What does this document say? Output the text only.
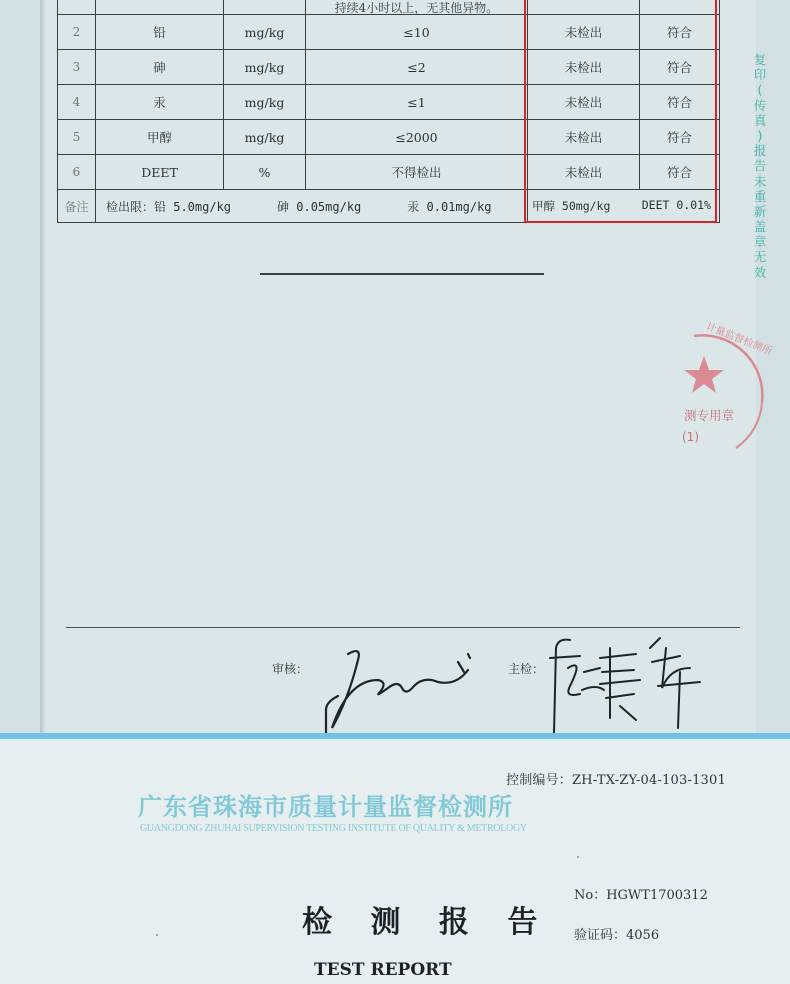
			持续4小时以上，无其他异物。		
2	铅	mg/kg	≤10	未检出	符合
3	砷	mg/kg	≤2	未检出	符合
4	汞	mg/kg	≤1	未检出	符合
5	甲醇	mg/kg	≤2000	未检出	符合
6	DEET	%	不得检出	未检出	符合
备注	检出限：铅 5.0mg/kg 砷 0.05mg/kg 汞 0.01mg/kg			甲醇 50mg/kg DEET 0.01%	
复
印
(
传
真
)
报
告
未
重
新
盖
章
无
效
计量监督检测所
测专用章
(1)
审核：	主检：
控制编号：ZH-TX-ZY-04-103-1301
广东省珠海市质量计量监督检测所
GUANGDONG ZHUHAI SUPERVISION TESTING INSTITUTE OF QUALITY & METROLOGY
No：HGWT1700312
检 测 报 告 验证码：4056
TEST REPORT
